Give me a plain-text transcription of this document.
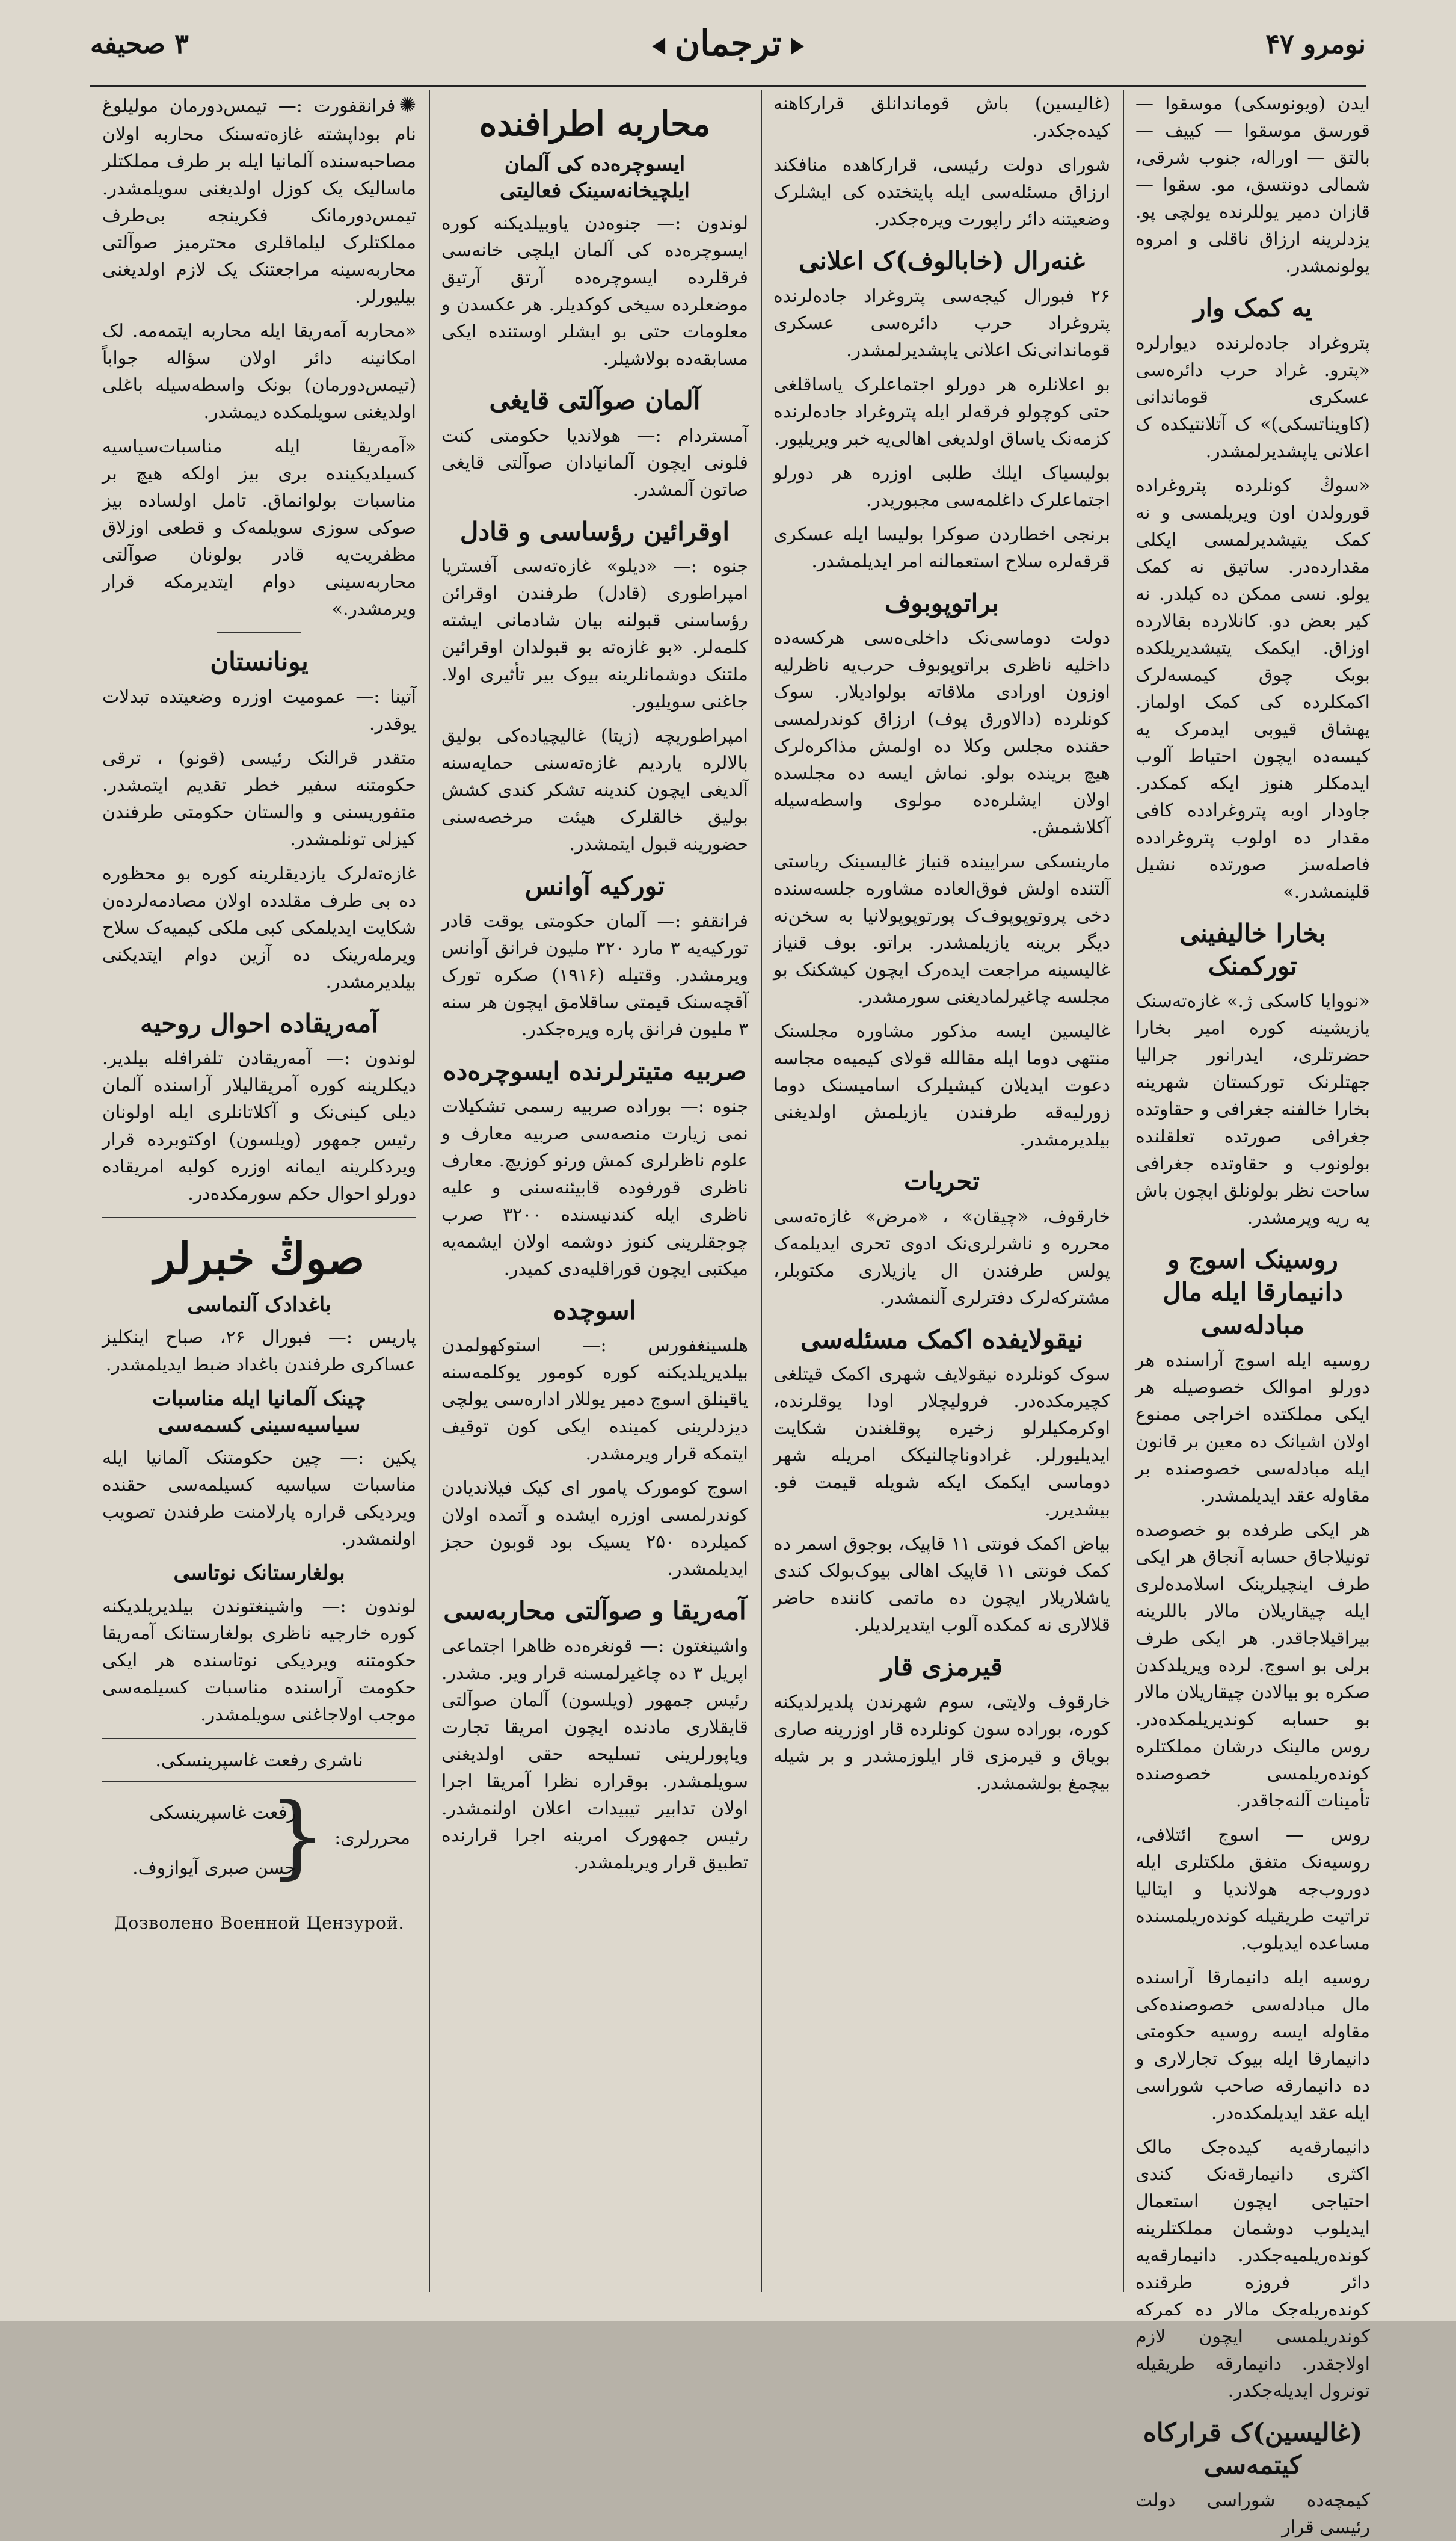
۳ صحیفه	ترجمان	نومرو ۴۷

ایدن (ویونوسکی) موسقوا — قورسق موسقوا — کییف — بالتق — اوراله، جنوب شرقی، شمالی دونتسق، مو. سقوا — قازان دمیر یوللرنده یولچی پو. یزدلرینه ارزاق ناقلی و امروه یولونمشدر.

یه کمک وار

پتروغراد جادەلرنده دیوارلره «پترو. غراد حرب دائرەسی عسکری قوماندانی (کاویناتسکی)» ک آتلانتیکده ک اعلانی یاپشدیرلمشدر.

«سوڭ کونلرده پتروغراده قورولدن اون ویریلمسی و نه کمک یتیشدیرلمسی ایکلی مقدارده‌در. ساتیق نه کمک یولو. نسی ممکن ده کیلدر. نه کیر بعض دو. کانلارده بقالارده اوزاق. ایکمک یتیشدیریلکده بوبک چوق کیمسه‌لرک اکمکلرده کی کمک اولماز. یهشاق قیوبی ایدمرک یه کیسه‌ده ایچون احتیاط آلوب ایدمکلر هنوز ایکه کمکدر. جاودار اوبه پتروغرادده کافی مقدار ده اولوب پتروغرادده فاصله‌سز صورتده نشیل قلینمشدر.»

بخارا خالیفینی تورکمنک

«نووایا کاسکی ژ.» غازه‌تەسنک یازیشینه کوره امیر بخارا حضرتلری، ایدرانور جرالیا جهتلرنک تورکستان شهرینه بخارا خالفنه جغرافی و حقاوتده جغرافی صورتده تعلقلنده بولونوب و حقاوتده جغرافی ساحت نظر بولونلق ایچون باش یه ریه وپرمشدر.

روسینک اسوج و دانیمارقا ایله مال مبادله‌سی

روسیه ایله اسوج آراسنده هر دورلو اموالک خصوصیله هر ایکی مملکتده اخراجی ممنوع اولان اشیانک ده معین بر قانون ایله مبادله‌سی خصوصنده بر مقاوله عقد ایدیلمشدر.

هر ایکی طرفده بو خصوصده تونیلاجاق حسابه آنجاق هر ایکی طرف اینچیلرینک اسلامده‌لری ایله چیقاریلان مالار باللرینه بیراقیلاجاقدر. هر ایکی طرف برلی بو اسوج. لرده ویریلدکدن صکره بو بیالادن چیقاریلان مالار بو حسابه کوندیریلمکده‌در. روس مالینک درشان مملکتلره کونده‌ریلمسی خصوصنده تأمینات آلنه‌جاقدر.

روس — اسوج ائتلافی، روسیه‌نک متفق ملکتلری ایله دوروب‌جه هولاندیا و ایتالیا تراتیت طریقیله کونده‌ریلمسنده مساعده ایدیلوب.

روسیه ایله دانیمارقا آراسنده مال مبادله‌سی خصوصنده‌کی مقاوله ایسه روسیه حکومتی دانیمارقا ایله بیوک تجارلاری و ده دانیمارقه صاحب شوراسی ایله عقد ایدیلمکده‌در.

دانیمارقه‌یه کیده‌جک مالک اکثری دانیمارقه‌نک کندی احتیاجی ایچون استعمال ایدیلوب دوشمان مملکتلرینه کونده‌ریلمیه‌جکدر. دانیمارقه‌یه دائر فروزه طرقنده کونده‌ریله‌جک مالار ده کمرکه کوندریلمسی ایچون لازم اولاجقدر. دانیمارقه طریقیله تونرول ایدیله‌جکدر.

(غالیسین)ک قرارکاه کیتمه‌سی

کیمچه‌ده شوراسی دولت رئیسی قرار

(غالیسین) باش قوماندانلق قرارکاهنه کیده‌جکدر.

شورای دولت رئیسی، قرارکاهده منافکند ارزاق مسئله‌سی ایله پایتختده کی ایشلرک وضعیتنه دائر راپورت ویره‌جکدر.

غنه‌رال (خابالوف)ک اعلانی

۲۶ فبورال کیجه‌سی پتروغراد جادەلرنده پتروغراد حرب دائرەسی عسکری قوماندانی‌نک اعلانی یاپشدیرلمشدر.

بو اعلانلره هر دورلو اجتماعلرک یاساقلغی حتی کوچولو فرقه‌لر ایله پتروغراد جادەلرنده کزمه‌نک یاساق اولدیغی اهالی‌یه خبر ویریلیور.

بولیسیاک ایلك طلبی اوزره هر دورلو اجتماعلرک داغلمه‌سی مجبوریدر.

برنجی اخطاردن صوکرا بولیسا ایله عسکری قرقه‌لره سلاح استعمالنه امر ایدیلمشدر.

براتوپوبوف

دولت دوماسی‌نک داخلی‌ه‌سی هرکسه‌ده داخلیه ناظری براتوپوبوف حرب‌یه ناظرلیه اوزون اورادی ملاقاته بولوادیلار. سوک کونلرده (دالاورق پوف) ارزاق کوندرلمسی حقنده مجلس وکلا ده اولمش مذاکره‌لرک هیچ برینده بولو. نماش ایسه ده مجلسده اولان ایشلره‌ده مولوی واسطه‌سیله آکلاشمش.

مارینسکی سرایینده قنیاز غالیسینک ریاستی آلتنده اولش فوق‌العاده مشاوره جلسه‌سنده دخی پروتوپوپوف‌ک پورتوپوپولانیا به سخن‌نه دیگر برینه یازیلمشدر. براتو. بوف قنیاز غالیسینه مراجعت ایده‌رک ایچون کیشکنک بو مجلسه چاغیرلمادیغنی سورمشدر.

غالیسین ایسه مذکور مشاوره مجلسنک منتهی دوما ایله مقالله قولای کیمیه‌ه مجاسه دعوت ایدیلان کیشیلرک اسامیسنک دوما زورلیه‌قه طرفندن یازیلمش اولدیغنی بیلدیرمشدر.

تحریات

خارقوف، «چیقان» ، «مرض» غازه‌تەسی محرره و ناشرلری‌نک ادوی تحری ایدیلمه‌ک پولس طرفندن ال یازیلاری مکتوبلر، مشترکه‌لرک دفترلری آلنمشدر.

نیقولایفده اکمک مسئله‌سی

سوک کونلرده نیقولایف شهری اکمک قیتلغی کچیرمکده‌در. فرولیچلار اودا یوقلرنده، اوکرمکیلرلو زخیره پوقلغندن شکایت ایدیلیورلر. غرادوناچالنیکک امریله شهر دوماسی ایکمک ایکه شویله قیمت فو. بیشدیرر.

بیاض اکمک فونتی ۱۱ قاپیک، بوجوق اسمر ده کمک فونتی ۱۱ قاپیک اهالی بیوک‌بولک کندی یاشلاریلار ایچون ده ماتمی کاننده حاضر قلالاری نه کمکده آلوب ایتدیرلدیلر.

قیرمزی قار

خارقوف ولایتی، سوم شهرندن پلدیرلدیکنه کوره، بوراده سون کونلرده قار اوزرینه صاری بویاق و قیرمزی قار ایلوزمشدر و بر شیله بیچمغ بولشمشدر.

محاربه اطرافنده
ایسوچرەده کی آلمان ایلچیخانه‌سینک فعالیتی

لوندون :— جنوه‌دن یاوبیلدیکنه کوره ایسوچرەده کی آلمان ایلچی خانه‌سی فرقلرده ایسوچرەده آرتق آرتیق موضعلرده سیخی کوکدیلر. هر عکسدن و معلومات حتی بو ایشلر اوستنده ایکی مسابقه‌ده بولاشیلر.

آلمان صوآلتی قایغی

آمستردام :— هولاندیا حکومتی کنت فلونی ایچون آلمانیادان صوآلتی قایغی صاتون آلمشدر.

اوقرائین رؤساسی و قادل

جنوه :— «دیلو» غازه‌تەسی آفستریا امپراطوری (قادل) طرفندن اوقرائن رؤساسنی قبولنه بیان شادمانی ایشته کلمه‌لر. «بو غازه‌ته بو قبولدان اوقرائین ملتنک دوشمانلرینه بیوک بیر تأثیری اولا. جاغنی سویلیور.

امپراطوریچه (زیتا) غالیچیاده‌کی بولیق بالالره یاردیم غازه‌ته‌سنی حمایه‌سنه آلدیغی ایچون کندینه تشکر کندی کشش بولیق خالقلرک هیئت مرخصه‌سنی حضورینه قبول ایتمشدر.

تورکیه آوانس

فرانقفو :— آلمان حکومتی یوقت قادر تورکیه‌یه ۳ مارد ۳۲۰ ملیون فرانق آوانس ویرمشدر. وقتیله (۱۹۱۶) صکره تورک آقچه‌سنک قیمتی ساقلامق ایچون هر سنه ۳ ملیون فرانق پاره ویره‌جکدر.

صربیه متیترلرنده ایسوچرەده

جنوه :— بوراده صربیه رسمی تشکیلات نمی زیارت منصه‌سی صربیه معارف و علوم ناظرلری کمش ورنو کوزیچ. معارف ناظری قورفوده قابیئنه‌سنی و علیه ناظری ایله کندنیسنده ۳۲۰۰ صرب چوجقلرینی کنوز دوشمه اولان ایشمه‌یه میکتبی ایچون قوراقلیه‌دی کمیدر.

اسوچده

هلسینغفورس :— استوکهولمدن بیلدیریلدیکنه کوره کومور یوکلمه‌سنه یاقینلق اسوج دمیر یوللار اداره‌سی یولچی دیزدلرینی کمینده ایکی کون توقیف ایتمکه قرار ویرمشدر.

اسوج کومورک پامور ای کیک فیلاندیادن کوندرلمسی اوزره ایشده و آتمده اولان کمیلرده ۲۵۰ یسیک بود قوبون حجز ایدیلمشدر.

آمەریقا و صوآلتی محاربه‌سی

واشینغتون :— قونغره‌ده ظاهرا اجتماعی اپریل ۳ ده چاغیرلمسنه قرار ویر. مشدر. رئیس جمهور (ویلسون) آلمان صوآلتی قایقلاری مادنده ایچون امریقا تجارت ویاپورلرینی تسلیحه حقی اولدیغنی سویلمشدر. بوقراره نظرا آمریقا اجرا اولان تدابیر تیبیدات اعلان اولنمشدر. رئیس جمهورک امرینه اجرا قرارنده تطبیق قرار ویریلمشدر.

✺فرانقفورت :— تیمس‌دورمان مولیلوغ نام بوداپشته غازه‌تەسنک محاربه اولان مصاحبه‌سنده آلمانیا ایله بر طرف مملکتلر ماسالیک یک کوزل اولدیغنی سویلمشدر. تیمس‌دورمانک فکرینجه بی‌طرف مملکتلرک لیلماقلری محترمیز صوآلتی محاربه‌سینه مراجعتنک یک لازم اولدیغنی بیلیورلر.

«محاربه آمەریقا ایله محاربه ایتمه‌مه. لک امکانینه دائر اولان سؤاله جواباً (تیمس‌دورمان) بونک واسطه‌سیله باغلی اولدیغنی سویلمکده دیمشدر.

«آمەریقا ایله مناسبات‌سیاسیه کسیلدیکینده بری بیز اولکه هیچ بر مناسبات بولوانماق. تامل اولساده بیز صوکی سوزی سویلمه‌ک و قطعی اوزلاق مظفریت‌یه قادر بولونان صوآلتی محاربه‌سینی دوام ایتدیرمکه قرار ویرمشدر.»

یونانستان

آتینا :— عمومیت اوزره وضعیتده تبدلات یوقدر.

متقدر قرالنک رئیسی (قونو) ، ترقی حکومتنه سفیر خطر تقدیم ایتمشدر. متفوریسنی و والستان حکومتی طرفندن کیزلی تونلمشدر.

غازه‌تەلرک یازدیقلرینه کوره بو محظوره ده بی طرف مقلدده اولان مصادمه‌لرده‌ن شکایت ایدیلمکی کبی ملکی کیمیه‌ک سلاح ویرمله‌رینک ده آزین دوام ایتدیکنی بیلدیرمشدر.

آمەریقاده احوال روحیه

لوندون :— آمەریقادن تلفرافله بیلدیر. دیکلرینه کوره آمریقالیلار آراسنده آلمان دیلی کینی‌نک و آکلاتانلری ایله اولونان رئیس جمهور (ویلسون) اوکتوبرده قرار ویردکلرینه ایمانه اوزره کولبه امریقاده دورلو احوال حکم سورمکده‌در.

صوڭ خبرلر
باغدادک آلنماسی

پاریس :— فبورال ۲۶، صباح اینکلیز عساکری طرفندن باغداد ضبط ایدیلمشدر.

چینک آلمانیا ایله مناسبات سیاسیه‌سینی کسمه‌سی

پکین :— چین حکومتنک آلمانیا ایله مناسبات سیاسیه کسیلمه‌سی حقنده ویردیکی قراره پارلامنت طرفندن تصویب اولنمشدر.

بولغارستانک نوتاسی

لوندون :— واشینغتوندن بیلدیریلدیکنه کوره خارجیه ناظری بولغارستانک آمەریقا حکومتنه ویردیکی نوتاسنده هر ایکی حکومت آراسنده مناسبات کسیلمه‌سی موجب اولاجاغنی سویلمشدر.

ناشری رفعت غاسپرینسکی.
محررلری:
{
رفعت غاسپرینسکی
حسن صبری آیوازوف.
Дозволено Военной Цензурой.
